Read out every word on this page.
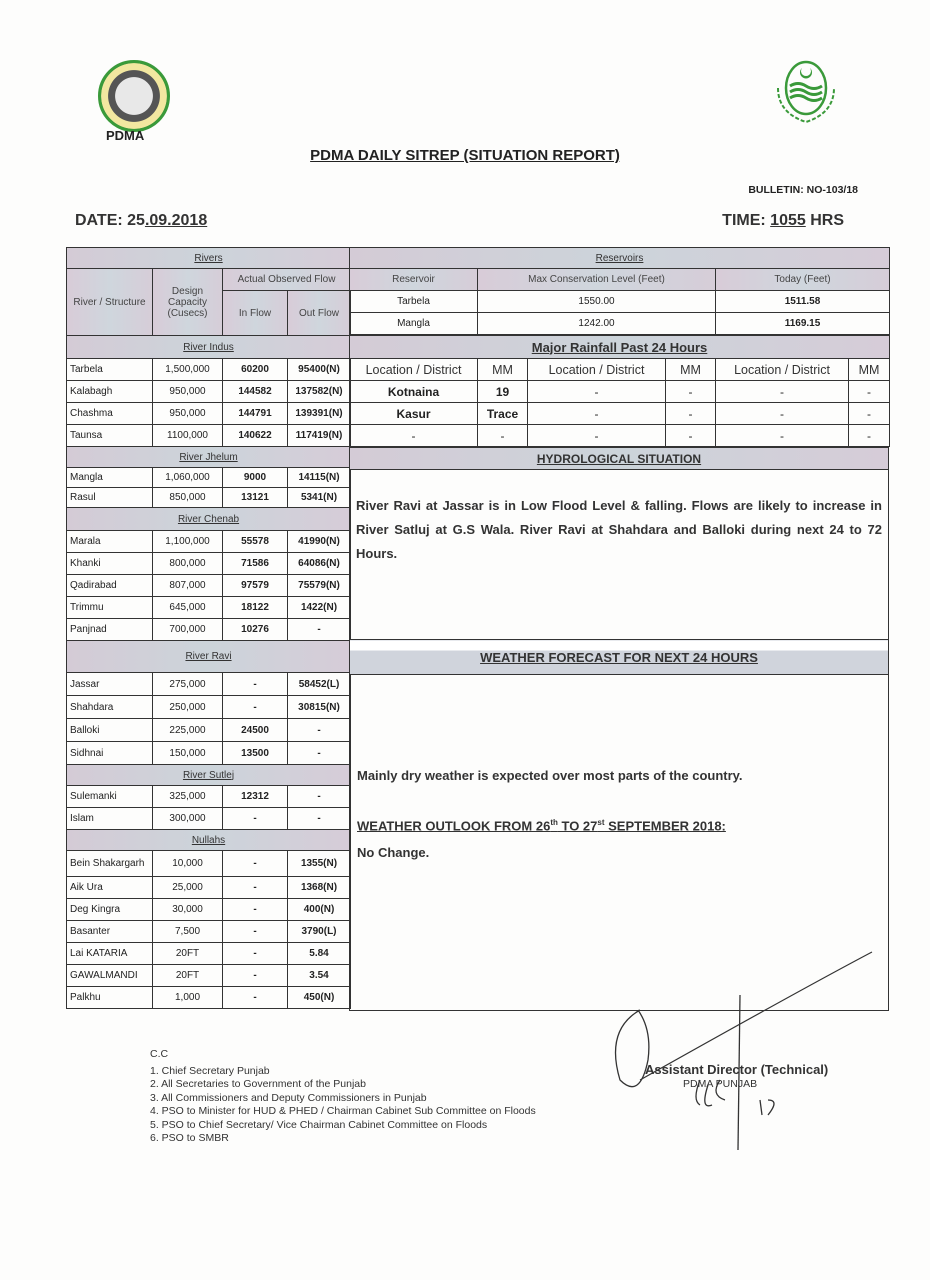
PDMA
PDMA DAILY SITREP (SITUATION REPORT)
BULLETIN: NO-103/18
DATE: 25.09.2018	TIME: 1055 HRS
Rivers			
River / Structure	Design Capacity (Cusecs)	Actual Observed Flow	
		In Flow	Out Flow
River Indus			
Tarbela	1,500,000	60200	95400(N)
Kalabagh	950,000	144582	137582(N)
Chashma	950,000	144791	139391(N)
Taunsa	1100,000	140622	117419(N)
River Jhelum			
Mangla	1,060,000	9000	14115(N)
Rasul	850,000	13121	5341(N)
River Chenab			
Marala	1,100,000	55578	41990(N)
Khanki	800,000	71586	64086(N)
Qadirabad	807,000	97579	75579(N)
Trimmu	645,000	18122	1422(N)
Panjnad	700,000	10276	-
River Ravi			
Jassar	275,000	-	58452(L)
Shahdara	250,000	-	30815(N)
Balloki	225,000	24500	-
Sidhnai	150,000	13500	-
River Sutlej			
Sulemanki	325,000	12312	-
Islam	300,000	-	-
Nullahs			
Bein Shakargarh	10,000	-	1355(N)
Aik Ura	25,000	-	1368(N)
Deg Kingra	30,000	-	400(N)
Basanter	7,500	-	3790(L)
Lai KATARIA	20FT	-	5.84
GAWALMANDI	20FT	-	3.54
Palkhu	1,000	-	450(N)
Reservoirs		
Reservoir	Max Conservation Level (Feet)	Today (Feet)
Tarbela	1550.00	1511.58
Mangla	1242.00	1169.15
Major Rainfall Past 24 Hours					
Location / District	MM	Location / District	MM	Location / District	MM
Kotnaina	19	-	-	-	-
Kasur	Trace	-	-	-	-
-	-	-	-	-	-
HYDROLOGICAL SITUATION

WEATHER FORECAST FOR NEXT 24 HOURS

River Ravi at Jassar is in Low Flood Level & falling. Flows are likely to increase in River Satluj at G.S Wala. River Ravi at Shahdara and Balloki during next 24 to 72 Hours.
Mainly dry weather is expected over most parts of the country.
WEATHER OUTLOOK FROM 26th TO 27st SEPTEMBER 2018:
No Change.
C.C
1. Chief Secretary Punjab
2. All Secretaries to Government of the Punjab
3. All Commissioners and Deputy Commissioners in Punjab
4. PSO to Minister for HUD & PHED / Chairman Cabinet Sub Committee on Floods
5. PSO to Chief Secretary/ Vice Chairman Cabinet Committee on Floods
6. PSO to SMBR
Assistant Director (Technical)
PDMA PUNJAB
